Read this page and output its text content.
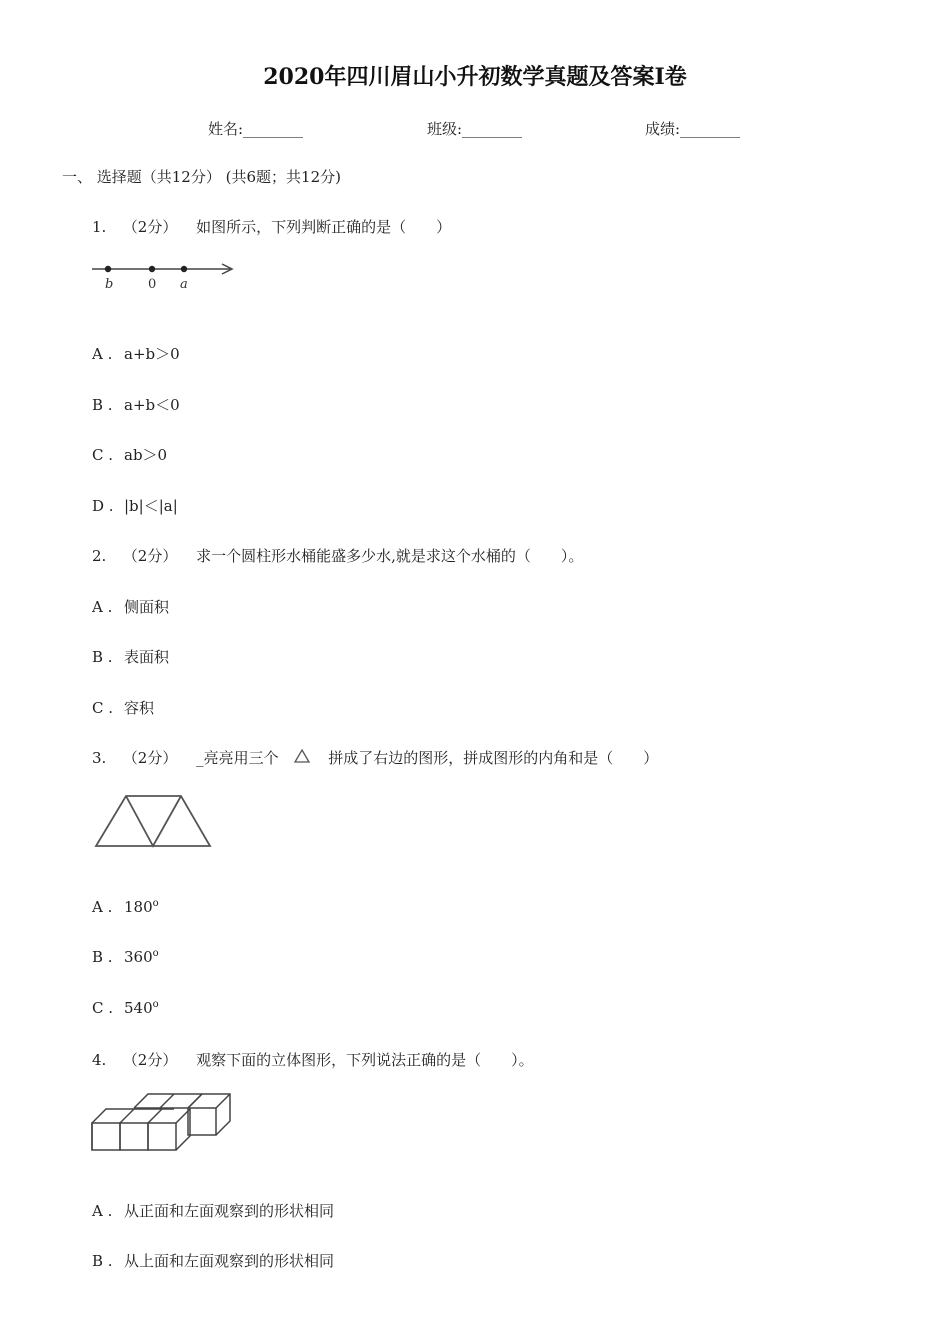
2020年四川眉山小升初数学真题及答案I卷
姓名:________	班级:________	成绩:________
一、 选择题（共12分） (共6题；共12分)
1. （2分） 如图所示，下列判断正确的是（　　）
b	0 a
A . a+b＞0
B . a+b＜0
C . ab＞0
D . |b|＜|a|
2. （2分） 求一个圆柱形水桶能盛多少水,就是求这个水桶的（　　）。
A . 侧面积
B . 表面积
C . 容积
3. （2分） _亮亮用三个	拼成了右边的图形，拼成图形的内角和是（　　）
A . 180$^o$
B . 360$^o$
C . 540$^o$
4. （2分） 观察下面的立体图形，下列说法正确的是（　　）。
A . 从正面和左面观察到的形状相同
B . 从上面和左面观察到的形状相同
